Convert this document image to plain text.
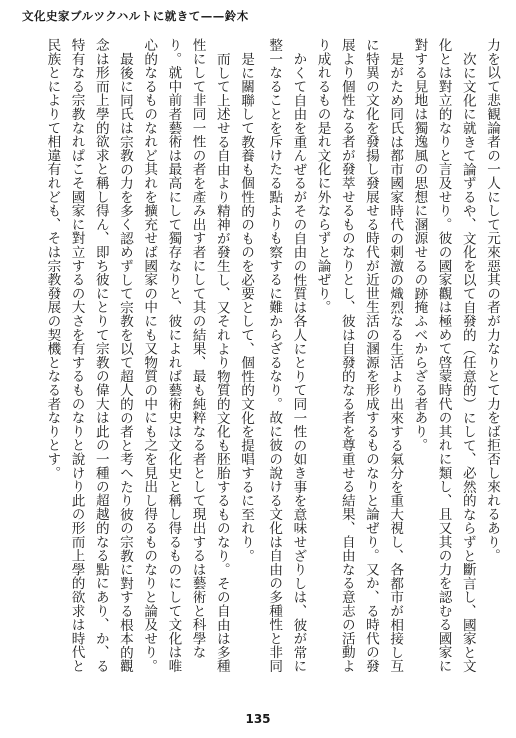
文化史家ブルツクハルトに就きて——鈴木

力を以て悲観論者の一人にして元來惡其の者が力なりとて力をば拒否し來れるあり。

次に文化に就きて論ずるや、文化を以て自發的（任意的）にして、必然的ならずと斷言し、國家と文化とは對立的なりと言及せり。彼の國家觀は極めて啓蒙時代の其れに類し、且又其の力を認むる國家に對する見地は獨逸風の思想に溷源せるの跡掩ふべからざる者あり。

是がため同氏は都市國家時代の刺激の熾烈なる生活より出來する氣分を重大視し、各都市が相接し互に特異の文化を發揚し發展せる時代が近世生活の溷源を形成するものなりと論ぜり。又か、る時代の發展より個性なる者が發萃せるものなりとし、彼は自發的なる者を尊重せる結果、自由なる意志の活動より成れるもの是れ文化に外ならずと論ぜり。

かくて自由を重んぜるがその自由の性質は各人にとりて同一性の如き事を意味せざりしは、彼が常に整一なることを斥けたる點よりも察するに難からざるなり。故に彼の說ける文化は自由の多種性と非同

是に關聯して教養も個性的のものを必要として、個性的文化を提唱するに至れり。

而して上述せる自由より精神が發生し、又それより物質的文化も胚胎するものなり。その自由は多種性にして非同一性の者を產み出す者にして其の結果、最も純粹なる者として現出するは藝術と科學なり。就中前者藝術は最高にして獨存なりと、彼によれば藝術史は文化史と稱し得るものにして文化は唯心的なるものなれど其れを擴充せば國家の中にも又物質の中にも之を見出し得るものなりと論及せり。

最後に同氏は宗教の力を多く認めずして宗教を以て超人的の者と考へたり彼の宗教に對する根本的觀念は形而上學的欲求と稱し得ん、即ち彼にとりて宗教の偉大は此の一種の超越的なる點にあり、か、る特有なる宗教なれぱこそ國家に對立するの大さを有するものなりと說けり此の形而上學的欲求は時代と民族とによりて相違有れども、そは宗教發展の契機となる者なりとす。

135
